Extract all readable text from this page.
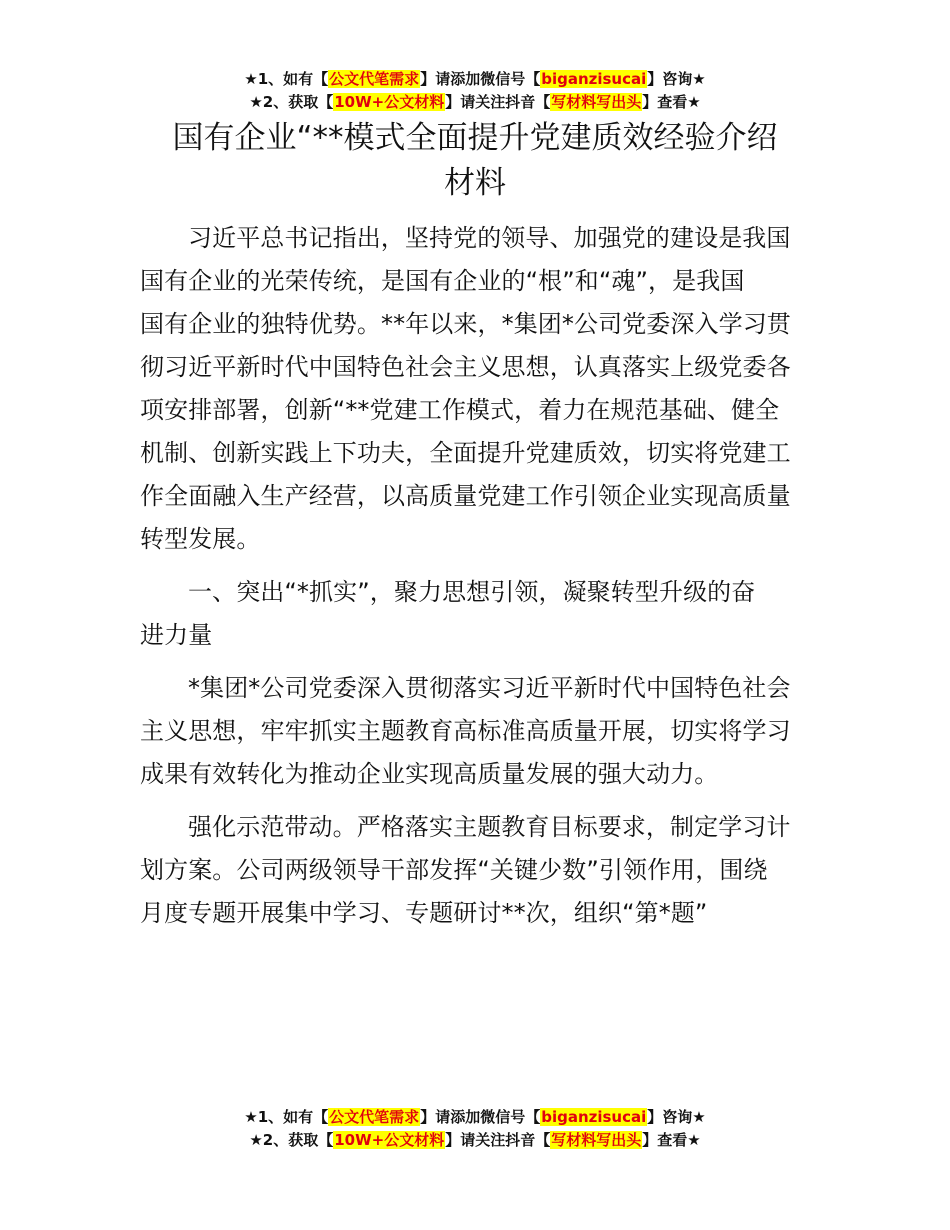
★1、如有【公文代笔需求】请添加微信号【biganzisucai】咨询★
★2、获取【10W+公文材料】请关注抖音【写材料写出头】查看★
国有企业“**模式全面提升党建质效经验介绍
材料

习近平总书记指出，坚持党的领导、加强党的建设是我国
国有企业的光荣传统，是国有企业的“根”和“魂”，是我国
国有企业的独特优势。**年以来，*集团*公司党委深入学习贯
彻习近平新时代中国特色社会主义思想，认真落实上级党委各
项安排部署，创新“**党建工作模式，着力在规范基础、健全
机制、创新实践上下功夫，全面提升党建质效，切实将党建工
作全面融入生产经营，以高质量党建工作引领企业实现高质量
转型发展。

一、突出“*抓实”，聚力思想引领，凝聚转型升级的奋
进力量

*集团*公司党委深入贯彻落实习近平新时代中国特色社会
主义思想，牢牢抓实主题教育高标准高质量开展，切实将学习
成果有效转化为推动企业实现高质量发展的强大动力。

强化示范带动。严格落实主题教育目标要求，制定学习计
划方案。公司两级领导干部发挥“关键少数”引领作用，围绕
月度专题开展集中学习、专题研讨**次，组织“第*题”

★1、如有【公文代笔需求】请添加微信号【biganzisucai】咨询★
★2、获取【10W+公文材料】请关注抖音【写材料写出头】查看★
